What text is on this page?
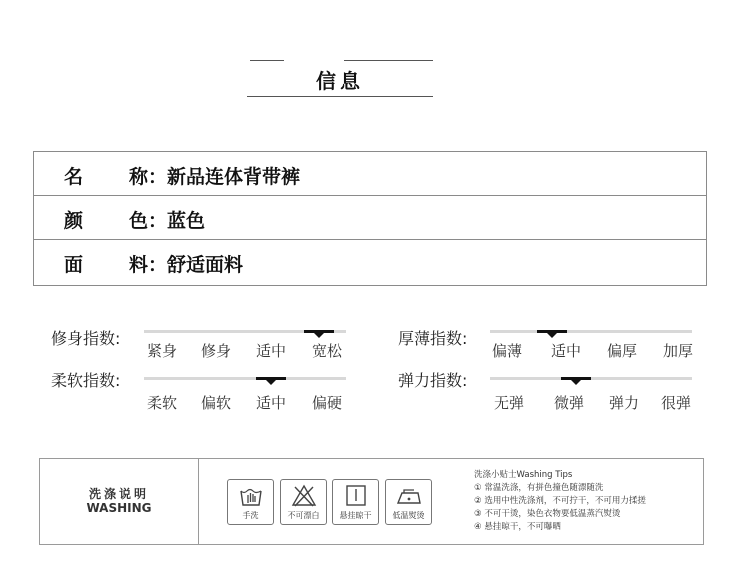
信息
名 称：新品连体背带裤
颜 色：蓝色
面 料：舒适面料
修身指数:
紧身 修身 适中 宽松
厚薄指数:
偏薄 适中 偏厚 加厚
柔软指数:
柔软 偏软 适中 偏硬
弹力指数:
无弹 微弹 弹力 很弹
洗涤说明
WASHING
手洗	不可漂白	悬挂晾干	低温熨烫
洗涤小贴士Washing Tips
① 常温洗涤，有拼色撞色随漂随洗
② 选用中性洗涤剂，不可拧干，不可用力揉搓
③ 不可干烫，染色衣物要低温蒸汽熨烫
④ 悬挂晾干，不可曝晒
